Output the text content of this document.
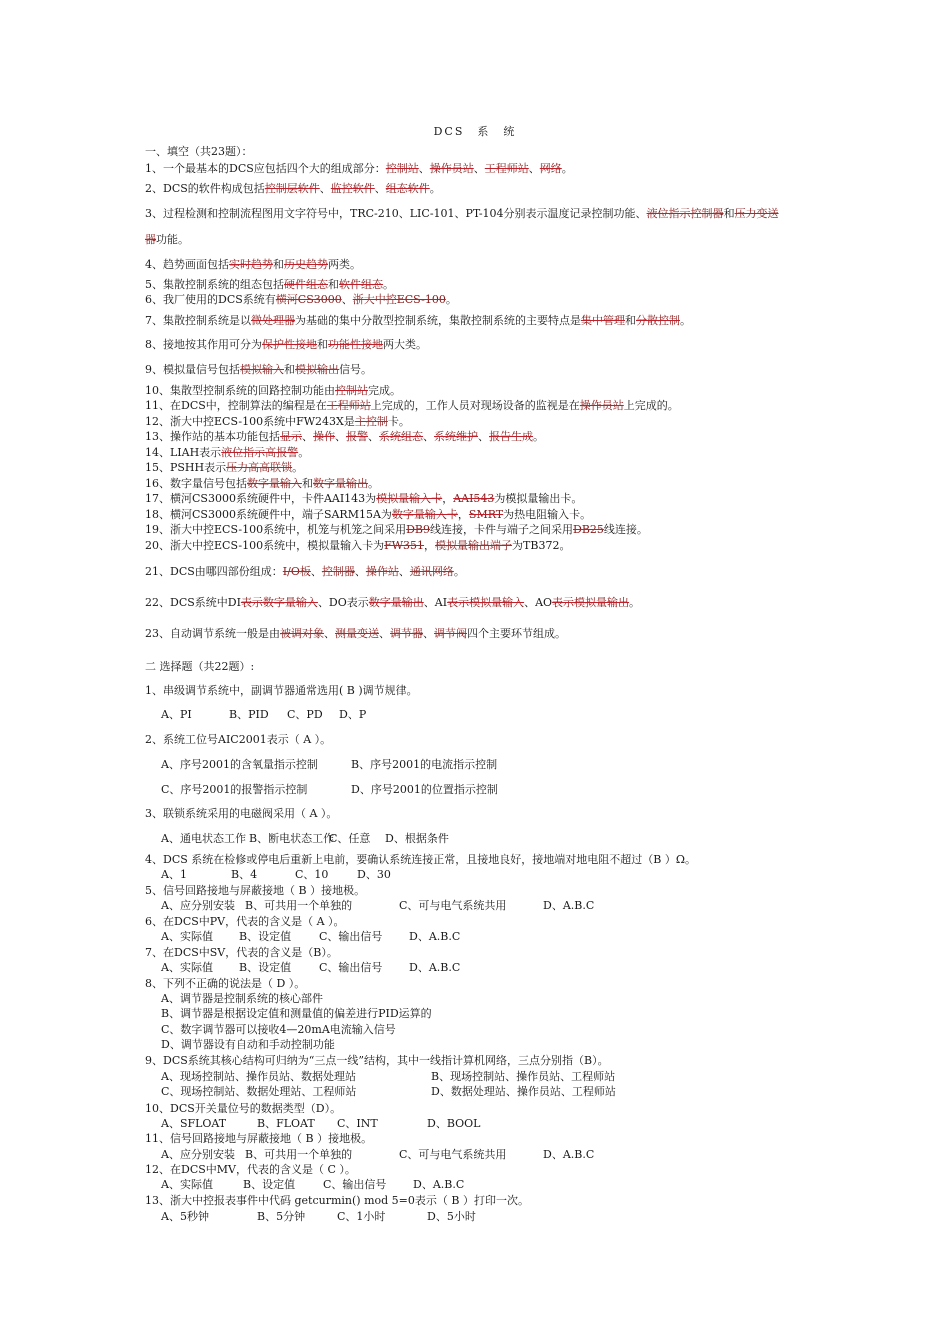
DCS　系　统
一、填空（共23题）：
1、一个最基本的DCS应包括四个大的组成部分：控制站、操作员站、工程师站、网络。
2、DCS的软件构成包括控制层软件、监控软件、组态软件。
3、过程检测和控制流程图用文字符号中，TRC-210、LIC-101、PT-104分别表示温度记录控制功能、液位指示控制器和压力变送
器功能。
4、趋势画面包括实时趋势和历史趋势两类。
5、集散控制系统的组态包括硬件组态和软件组态。
6、我厂使用的DCS系统有横河CS3000、浙大中控ECS-100。
7、集散控制系统是以微处理器为基础的集中分散型控制系统，集散控制系统的主要特点是集中管理和分散控制。
8、接地按其作用可分为保护性接地和功能性接地两大类。
9、模拟量信号包括模拟输入和模拟输出信号。
10、集散型控制系统的回路控制功能由控制站完成。
11、在DCS中，控制算法的编程是在工程师站上完成的，工作人员对现场设备的监视是在操作员站上完成的。
12、浙大中控ECS-100系统中FW243X是主控制卡。
13、操作站的基本功能包括显示、操作、报警、系统组态、系统维护、报告生成。
14、LIAH表示液位指示高报警。
15、PSHH表示压力高高联锁。
16、数字量信号包括数字量输入和数字量输出。
17、横河CS3000系统硬件中，卡件AAI143为模拟量输入卡，AAI543为模拟量输出卡。
18、横河CS3000系统硬件中，端子SARM15A为数字量输入卡，SMRT为热电阻输入卡。
19、浙大中控ECS-100系统中，机笼与机笼之间采用DB9线连接，卡件与端子之间采用DB25线连接。
20、浙大中控ECS-100系统中，模拟量输入卡为FW351，模拟量输出端子为TB372。
21、DCS由哪四部份组成：I/O板、控制器、操作站、通讯网络。
22、DCS系统中DI表示数字量输入、DO表示数字量输出、AI表示模拟量输入、AO表示模拟量输出。
23、自动调节系统一般是由被调对象、测量变送、调节器、调节阀四个主要环节组成。
二 选择题（共22题）:
1、串级调节系统中，副调节器通常选用( B )调节规律。
A、PI	B、PID C、PD D、P
2、系统工位号AIC2001表示（ A ）。
A、序号2001的含氧量指示控制	B、序号2001的电流指示控制
C、序号2001的报警指示控制	D、序号2001的位置指示控制
3、联锁系统采用的电磁阀采用（ A ）。
A、通电状态工作 B、断电状态工作
C、任意 D、根据条件
4、DCS 系统在检修或停电后重新上电前，要确认系统连接正常，且接地良好，接地端对地电阻不超过（B ）Ω。
A、1	B、4	C、10	D、30
5、信号回路接地与屏蔽接地（ B ）接地极。
A、应分别安装 B、可共用一个单独的	C、可与电气系统共用	D、A.B.C
6、在DCS中PV，代表的含义是（ A ）。
A、实际值 B、设定值	C、输出信号 D、A.B.C
7、在DCS中SV，代表的含义是（B）。
A、实际值 B、设定值	C、输出信号 D、A.B.C
8、下列不正确的说法是（ D ）。
A、调节器是控制系统的核心部件
B、调节器是根据设定值和测量值的偏差进行PID运算的
C、数字调节器可以接收4—20mA电流输入信号
D、调节器设有自动和手动控制功能
9、DCS系统其核心结构可归纳为“三点一线”结构，其中一线指计算机网络，三点分别指（B）。
A、现场控制站、操作员站、数据处理站	B、现场控制站、操作员站、工程师站
C、现场控制站、数据处理站、工程师站	D、数据处理站、操作员站、工程师站
10、DCS开关量位号的数据类型（D）。
A、SFLOAT	B、FLOAT C、INT	D、BOOL
11、信号回路接地与屏蔽接地（ B ）接地极。
A、应分别安装 B、可共用一个单独的	C、可与电气系统共用	D、A.B.C
12、在DCS中MV，代表的含义是（ C ）。
A、实际值	B、设定值	C、输出信号 D、A.B.C
13、浙大中控报表事件中代码 getcurmin() mod 5=0表示（ B ）打印一次。
A、5秒钟	B、5分钟	C、1小时	D、5小时
